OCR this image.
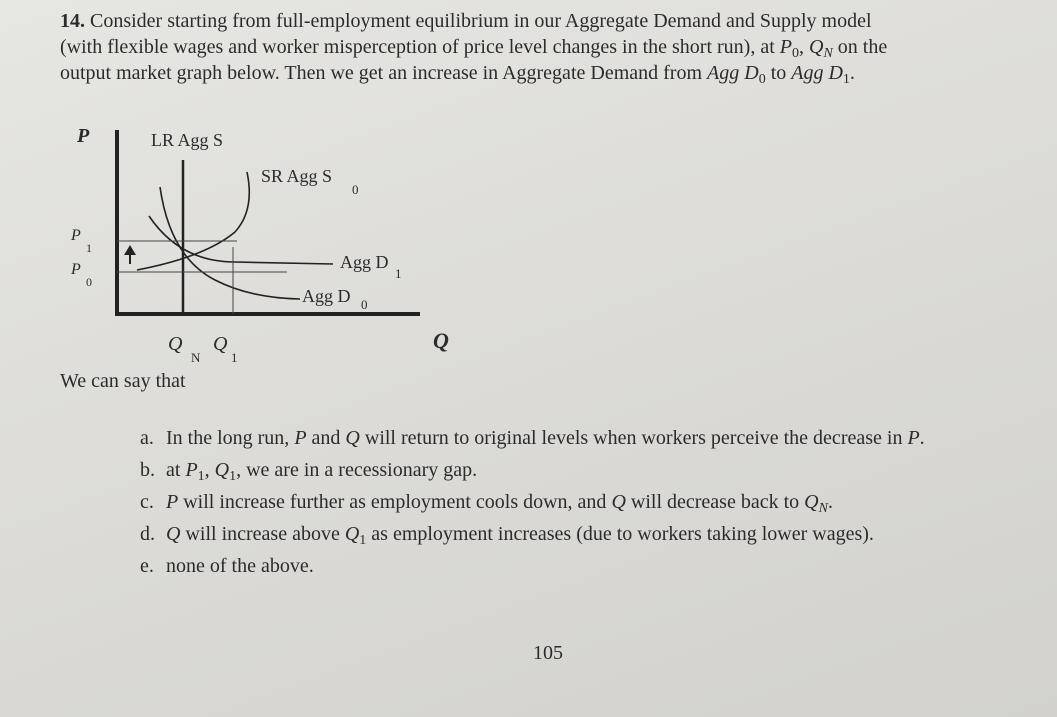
14. Consider starting from full-employment equilibrium in our Aggregate Demand and Supply model
(with flexible wages and worker misperception of price level changes in the short run), at $P_0$, $Q_N$ on the
output market graph below. Then we get an increase in Aggregate Demand from Agg $D_0$ to Agg $D_1$.
P
Q
LR Agg S
SR Agg S
0
Agg D
1
Agg D 0
P
1
P
0
Q
N
Q
1
We can say that
a. In the long run, P and Q will return to original levels when workers perceive the decrease in P.
b. at $P_1$, $Q_1$, we are in a recessionary gap.
c. P will increase further as employment cools down, and Q will decrease back to $Q_N$.
d. Q will increase above $Q_1$ as employment increases (due to workers taking lower wages).
e. none of the above.
105
